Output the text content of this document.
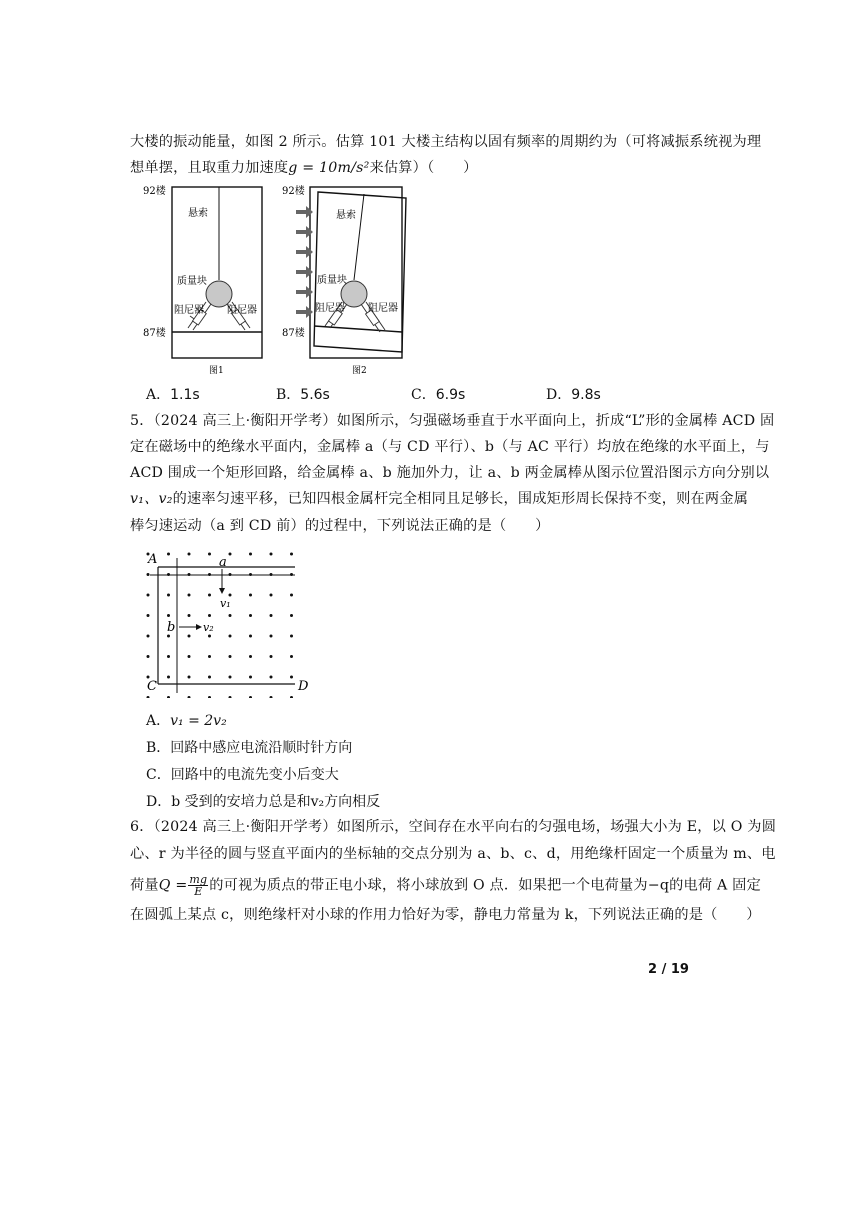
大楼的振动能量，如图 2 所示。估算 101 大楼主结构以固有频率的周期约为（可将减振系统视为理
想单摆，且取重力加速度g = 10m/s²来估算）（　　）
92楼
87楼
悬索
质量块
阻尼器 阻尼器
图1
92楼
87楼
悬索
质量块
阻尼器 阻尼器
图2
A．1.1s	B．5.6s	C．6.9s	D．9.8s
5．（2024 高三上·衡阳开学考）如图所示，匀强磁场垂直于水平面向上，折成“L”形的金属棒 ACD 固
定在磁场中的绝缘水平面内，金属棒 a（与 CD 平行）、b（与 AC 平行）均放在绝缘的水平面上，与
ACD 围成一个矩形回路，给金属棒 a、b 施加外力，让 a、b 两金属棒从图示位置沿图示方向分别以
v₁、v₂的速率匀速平移，已知四根金属杆完全相同且足够长，围成矩形周长保持不变，则在两金属
棒匀速运动（a 到 CD 前）的过程中，下列说法正确的是（　　）
A	a
v₁
b	v₂
C	D
A．v₁ = 2v₂
B．回路中感应电流沿顺时针方向
C．回路中的电流先变小后变大
D．b 受到的安培力总是和v₂方向相反
6．（2024 高三上·衡阳开学考）如图所示，空间存在水平向右的匀强电场，场强大小为 E，以 O 为圆
心、r 为半径的圆与竖直平面内的坐标轴的交点分别为 a、b、c、d，用绝缘杆固定一个质量为 m、电
荷量$Q = \frac{mg}{E}$ 的可视为质点的带正电小球，将小球放到 O 点．如果把一个电荷量为−q的电荷 A 固定
在圆弧上某点 c，则绝缘杆对小球的作用力恰好为零，静电力常量为 k，下列说法正确的是（　　）
2 / 19
